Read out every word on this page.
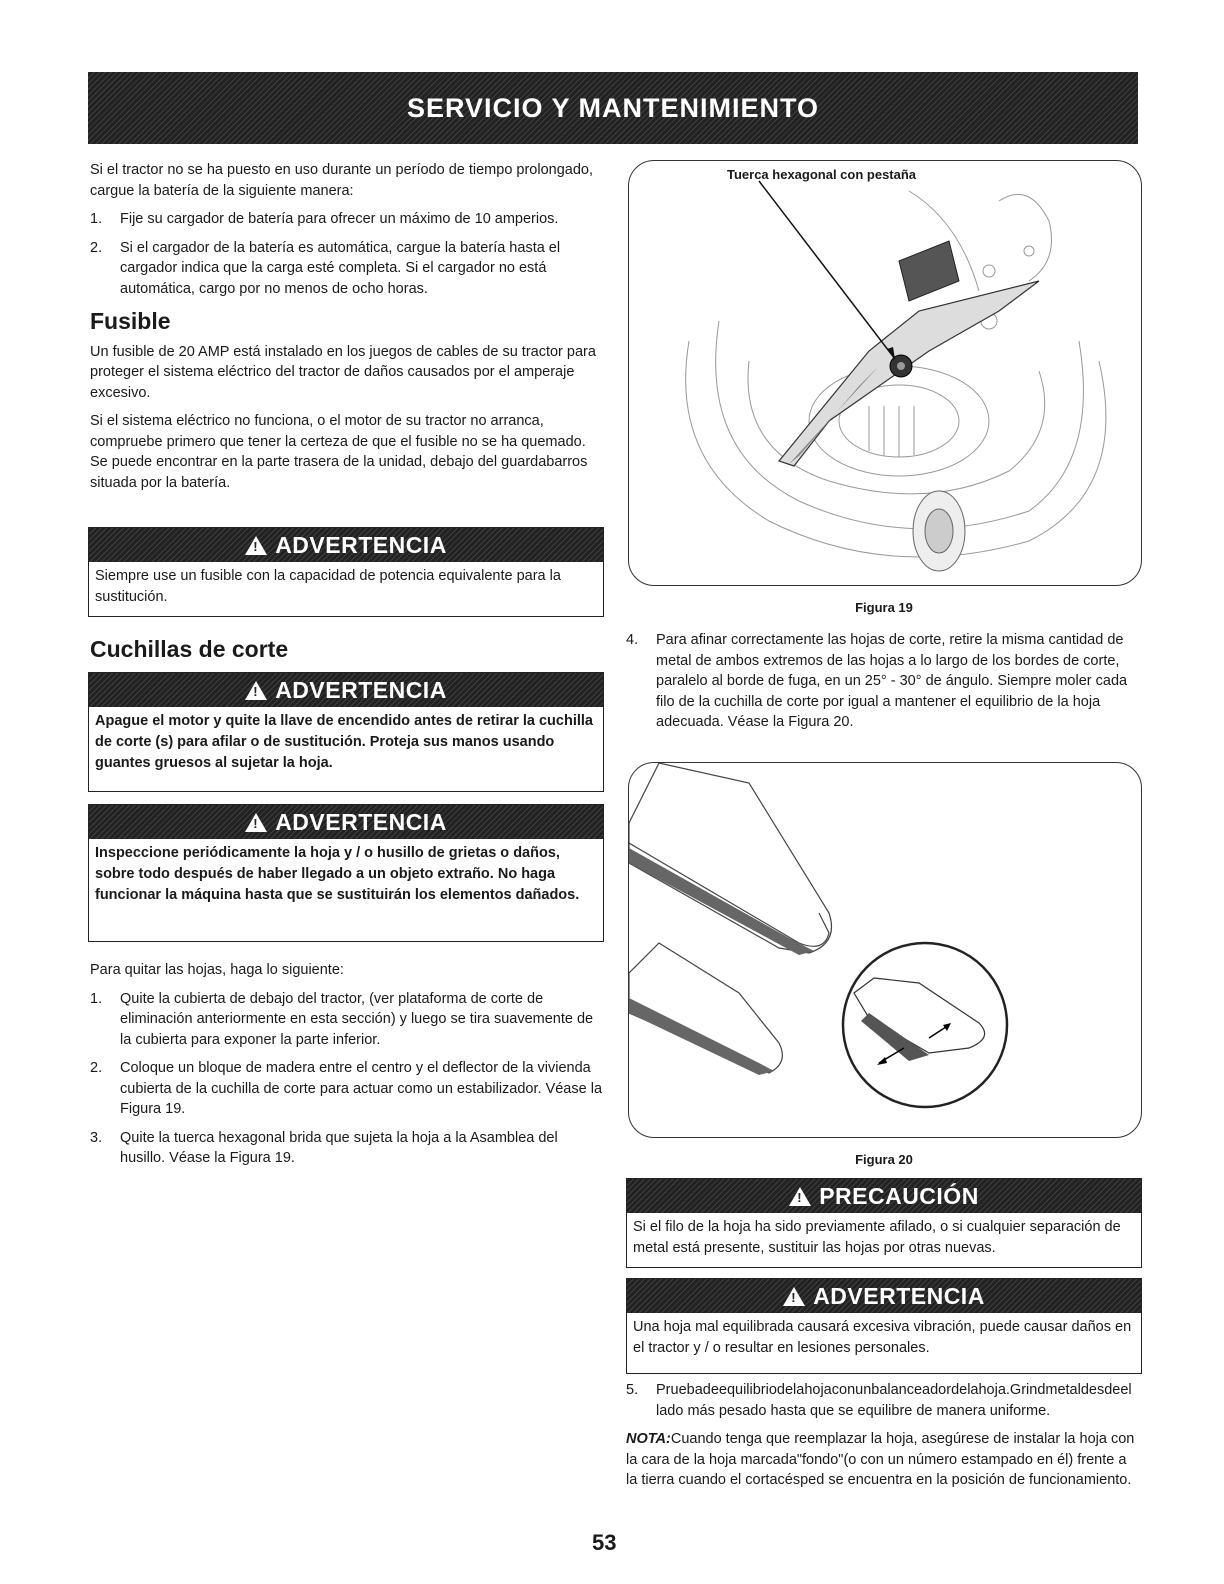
SERVICIO Y MANTENIMIENTO

Si el tractor no se ha puesto en uso durante un período de tiempo prolongado, cargue la batería de la siguiente manera:

1. Fije su cargador de batería para ofrecer un máximo de 10 amperios.
2. Si el cargador de la batería es automática, cargue la batería hasta el cargador indica que la carga esté completa. Si el cargador no está automática, cargo por no menos de ocho horas.
Fusible

Un fusible de 20 AMP está instalado en los juegos de cables de su tractor para proteger el sistema eléctrico del tractor de daños causados por el amperaje excesivo.

Si el sistema eléctrico no funciona, o el motor de su tractor no arranca, compruebe primero que tener la certeza de que el fusible no se ha quemado. Se puede encontrar en la parte trasera de la unidad, debajo del guardabarros situada por la batería.

!
ADVERTENCIA
Siempre use un fusible con la capacidad de potencia equivalente para la sustitución.
Cuchillas de corte
!
ADVERTENCIA
Apague el motor y quite la llave de encendido antes de retirar la cuchilla de corte (s) para afilar o de sustitución. Proteja sus manos usando guantes gruesos al sujetar la hoja.
!
ADVERTENCIA
Inspeccione periódicamente la hoja y / o husillo de grietas o daños, sobre todo después de haber llegado a un objeto extraño. No haga funcionar la máquina hasta que se sustituirán los elementos dañados.

Para quitar las hojas, haga lo siguiente:

1. Quite la cubierta de debajo del tractor, (ver plataforma de corte de eliminación anteriormente en esta sección) y luego se tira suavemente de la cubierta para exponer la parte inferior.
2. Coloque un bloque de madera entre el centro y el deflector de la vivienda cubierta de la cuchilla de corte para actuar como un estabilizador. Véase la Figura 19.
3. Quite la tuerca hexagonal brida que sujeta la hoja a la Asamblea del husillo. Véase la Figura 19.
Tuerca hexagonal con pestaña
Figura 19
4. Para afinar correctamente las hojas de corte, retire la misma cantidad de metal de ambos extremos de las hojas a lo largo de los bordes de corte, paralelo al borde de fuga, en un 25° - 30° de ángulo. Siempre moler cada filo de la cuchilla de corte por igual a mantener el equilibrio de la hoja adecuada. Véase la Figura 20.
Figura 20
!
PRECAUCIÓN
Si el filo de la hoja ha sido previamente afilado, o si cualquier separación de metal está presente, sustituir las hojas por otras nuevas.
!
ADVERTENCIA
Una hoja mal equilibrada causará excesiva vibración, puede causar daños en el tractor y / o resultar en lesiones personales.
5. Pruebadeequilibriodelahojaconunbalanceadordelahoja.Grindmetaldesdeel lado más pesado hasta que se equilibre de manera uniforme.

NOTA:Cuando tenga que reemplazar la hoja, asegúrese de instalar la hoja con la cara de la hoja marcada"fondo"(o con un número estampado en él) frente a la tierra cuando el cortacésped se encuentra en la posición de funcionamiento.

53
